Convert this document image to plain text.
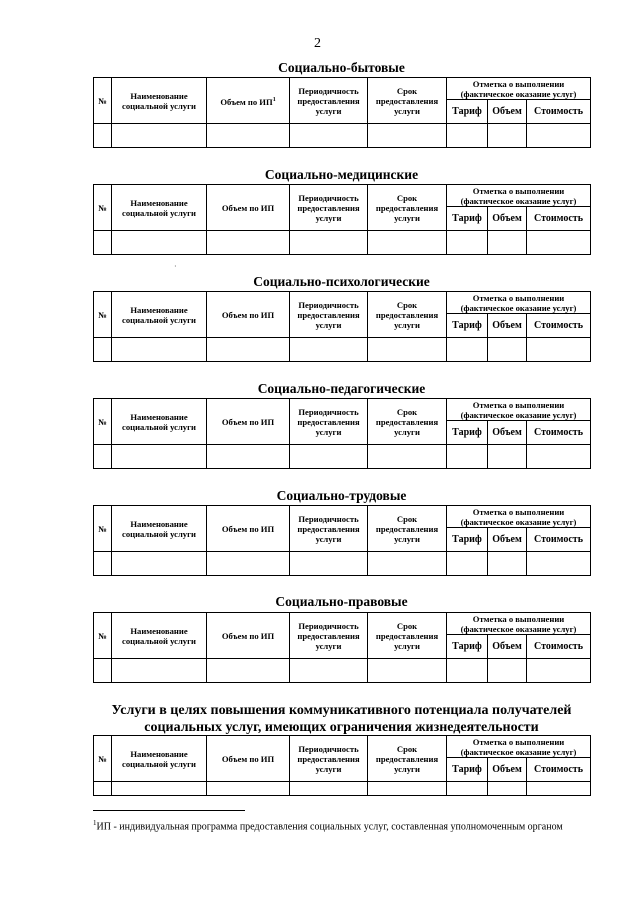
2
Социально-бытовые
№	Наименование социальной услуги	Объем по $ИП^1$	Периодичность предоставления услуги	Срок предоставления услуги	Отметка о выполнении (фактическое оказание услуг)		
					Тариф	Объем	Стоимость

Социально-медицинские
№	Наименование социальной услуги	Объем по ИП	Периодичность предоставления услуги	Срок предоставления услуги	Отметка о выполнении (фактическое оказание услуг)		
					Тариф	Объем	Стоимость

Социально-психологические
№	Наименование социальной услуги	Объем по ИП	Периодичность предоставления услуги	Срок предоставления услуги	Отметка о выполнении (фактическое оказание услуг)		
					Тариф	Объем	Стоимость

Социально-педагогические
№	Наименование социальной услуги	Объем по ИП	Периодичность предоставления услуги	Срок предоставления услуги	Отметка о выполнении (фактическое оказание услуг)		
					Тариф	Объем	Стоимость

Социально-трудовые
№	Наименование социальной услуги	Объем по ИП	Периодичность предоставления услуги	Срок предоставления услуги	Отметка о выполнении (фактическое оказание услуг)		
					Тариф	Объем	Стоимость

Социально-правовые
№	Наименование социальной услуги	Объем по ИП	Периодичность предоставления услуги	Срок предоставления услуги	Отметка о выполнении (фактическое оказание услуг)		
					Тариф	Объем	Стоимость

Услуги в целях повышения коммуникативного потенциала получателей социальных услуг, имеющих ограничения жизнедеятельности
№	Наименование социальной услуги	Объем по ИП	Периодичность предоставления услуги	Срок предоставления услуги	Отметка о выполнении (фактическое оказание услуг)		
					Тариф	Объем	Стоимость

$^1$ИП - индивидуальная программа предоставления социальных услуг, составленная уполномоченным органом
·
